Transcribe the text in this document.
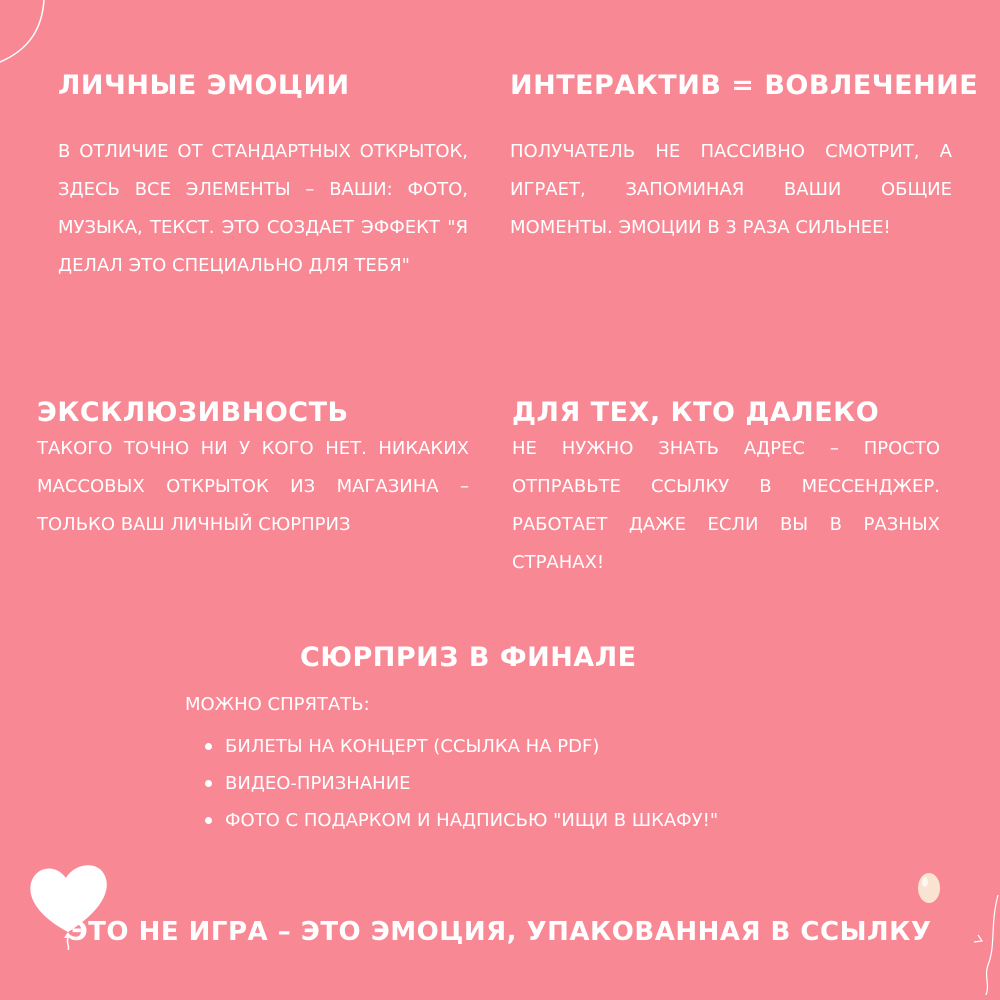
ЛИЧНЫЕ ЭМОЦИИ

В ОТЛИЧИЕ ОТ СТАНДАРТНЫХ ОТКРЫТОК, ЗДЕСЬ ВСЕ ЭЛЕМЕНТЫ – ВАШИ: ФОТО, МУЗЫКА, ТЕКСТ. ЭТО СОЗДАЕТ ЭФФЕКТ "Я ДЕЛАЛ ЭТО СПЕЦИАЛЬНО ДЛЯ ТЕБЯ"

ИНТЕРАКТИВ = ВОВЛЕЧЕНИЕ

ПОЛУЧАТЕЛЬ НЕ ПАССИВНО СМОТРИТ, А ИГРАЕТ, ЗАПОМИНАЯ ВАШИ ОБЩИЕ МОМЕНТЫ. ЭМОЦИИ В 3 РАЗА СИЛЬНЕЕ!

ЭКСКЛЮЗИВНОСТЬ

ТАКОГО ТОЧНО НИ У КОГО НЕТ. НИКАКИХ МАССОВЫХ ОТКРЫТОК ИЗ МАГАЗИНА – ТОЛЬКО ВАШ ЛИЧНЫЙ СЮРПРИЗ

ДЛЯ ТЕХ, КТО ДАЛЕКО

НЕ НУЖНО ЗНАТЬ АДРЕС – ПРОСТО ОТПРАВЬТЕ ССЫЛКУ В МЕССЕНДЖЕР. РАБОТАЕТ ДАЖЕ ЕСЛИ ВЫ В РАЗНЫХ СТРАНАХ!

СЮРПРИЗ В ФИНАЛЕ
МОЖНО СПРЯТАТЬ:
БИЛЕТЫ НА КОНЦЕРТ (ССЫЛКА НА PDF)
ВИДЕО-ПРИЗНАНИЕ
ФОТО С ПОДАРКОМ И НАДПИСЬЮ "ИЩИ В ШКАФУ!"
ЭТО НЕ ИГРА – ЭТО ЭМОЦИЯ, УПАКОВАННАЯ В ССЫЛКУ
